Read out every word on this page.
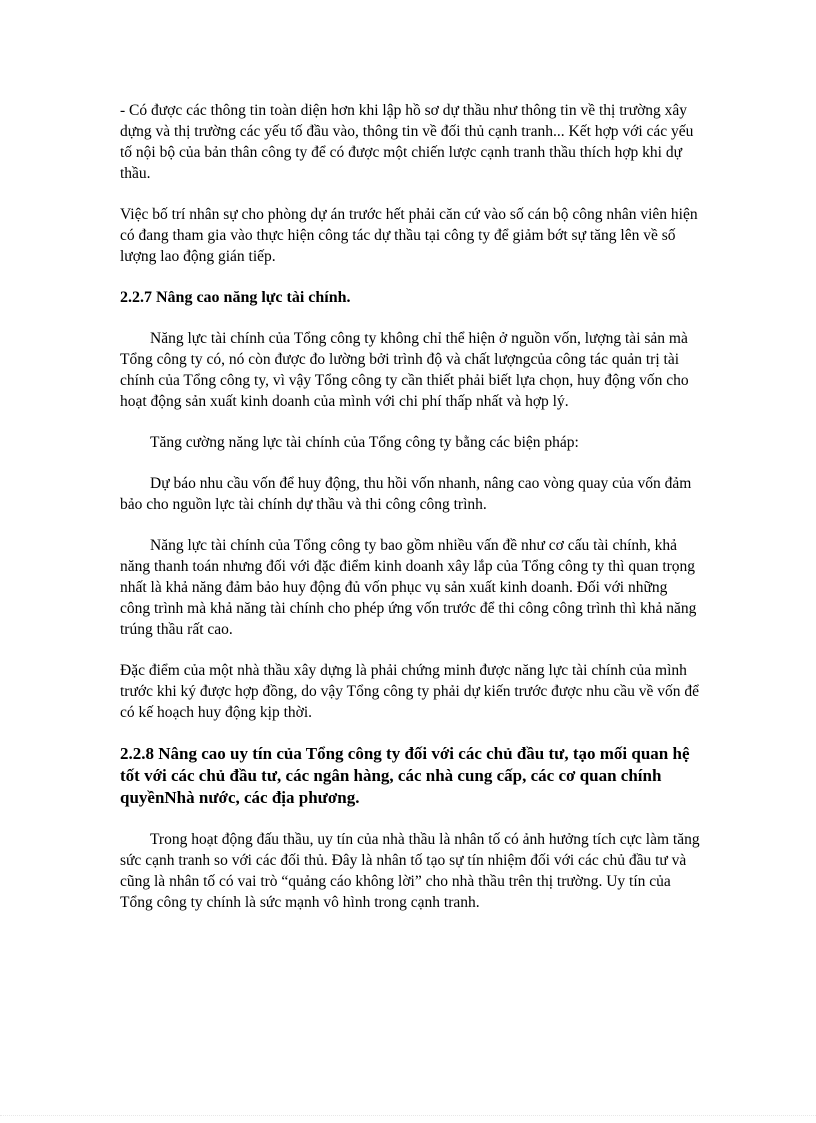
- Có được các thông tin toàn diện hơn khi lập hồ sơ dự thầu như thông tin về thị trường xây dựng và thị trường các yếu tố đầu vào, thông tin về đối thủ cạnh tranh... Kết hợp với các yếu tố nội bộ của bản thân công ty để có được một chiến lược cạnh tranh thầu thích hợp khi dự thầu.

Việc bố trí nhân sự cho phòng dự án trước hết phải căn cứ vào số cán bộ công nhân viên hiện có đang tham gia vào thực hiện công tác dự thầu tại công ty để giảm bớt sự tăng lên về số lượng lao động gián tiếp.

2.2.7 Nâng cao năng lực tài chính.

Năng lực tài chính của Tổng công ty không chỉ thể hiện ở nguồn vốn, lượng tài sản mà Tổng công ty có, nó còn được đo lường bởi trình độ và chất lượngcủa công tác quản trị tài chính của Tổng công ty, vì vậy Tổng công ty cần thiết phải biết lựa chọn, huy động vốn cho hoạt động sản xuất kinh doanh của mình với chi phí thấp nhất và hợp lý.

Tăng cường năng lực tài chính của Tổng công ty bằng các biện pháp:

Dự báo nhu cầu vốn để huy động, thu hồi vốn nhanh, nâng cao vòng quay của vốn đảm bảo cho nguồn lực tài chính dự thầu và thi công công trình.

Năng lực tài chính của Tổng công ty bao gồm nhiều vấn đề như cơ cấu tài chính, khả năng thanh toán nhưng đối với đặc điểm kinh doanh xây lắp của Tổng công ty thì quan trọng nhất là khả năng đảm bảo huy động đủ vốn phục vụ sản xuất kinh doanh. Đối với những công trình mà khả năng tài chính cho phép ứng vốn trước để thi công công trình thì khả năng trúng thầu rất cao.

Đặc điểm của một nhà thầu xây dựng là phải chứng minh được năng lực tài chính của mình trước khi ký được hợp đồng, do vậy Tổng công ty phải dự kiến trước được nhu cầu về vốn để có kế hoạch huy động kịp thời.

2.2.8 Nâng cao uy tín của Tổng công ty đối với các chủ đầu tư, tạo mối quan hệ tốt với các chủ đầu tư, các ngân hàng, các nhà cung cấp, các cơ quan chính quyềnNhà nước, các địa phương.

Trong hoạt động đấu thầu, uy tín của nhà thầu là nhân tố có ảnh hưởng tích cực làm tăng sức cạnh tranh so với các đối thủ. Đây là nhân tố tạo sự tín nhiệm đối với các chủ đầu tư và cũng là nhân tố có vai trò “quảng cáo không lời” cho nhà thầu trên thị trường. Uy tín của Tổng công ty chính là sức mạnh vô hình trong cạnh tranh.
